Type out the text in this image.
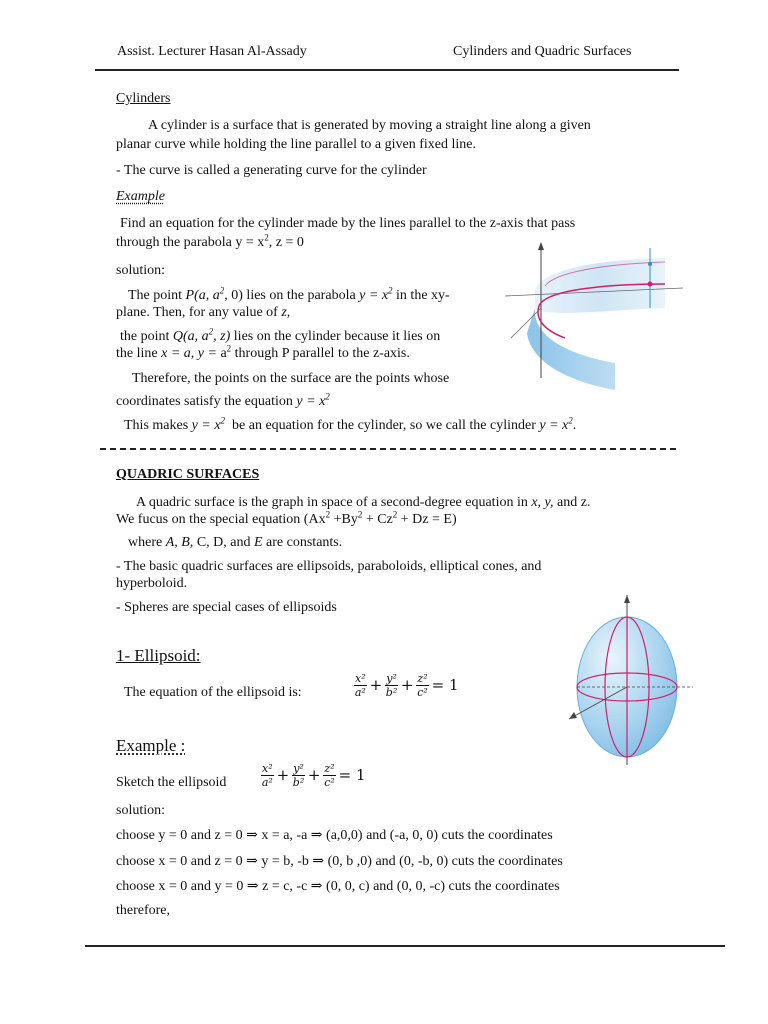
Assist. Lecturer Hasan Al-Assady	Cylinders and Quadric Surfaces
Cylinders
A cylinder is a surface that is generated by moving a straight line along a given
planar curve while holding the line parallel to a given fixed line.
- The curve is called a generating curve for the cylinder
Example
Find an equation for the cylinder made by the lines parallel to the z-axis that pass
through the parabola $y = x^2$, z = 0
solution:
The point P(a, $a^2$, 0) lies on the parabola $y = x^2$ in the xy-
plane. Then, for any value of z,
the point Q(a, $a^2$, z) lies on the cylinder because it lies on
the line x = a, $y = a^2$ through P parallel to the z-axis.
Therefore, the points on the surface are the points whose
coordinates satisfy the equation $y = x^2$
This makes $y = x^2$ be an equation for the cylinder, so we call the cylinder $y = x^2$.
QUADRIC SURFACES
A quadric surface is the graph in space of a second-degree equation in x, y, and z.
We fucus on the special equation $(Ax^2 +By^2 + Cz^2 + Dz = E)$
where A, B, C, D, and E are constants.
- The basic quadric surfaces are ellipsoids, paraboloids, elliptical cones, and
hyperboloid.
- Spheres are special cases of ellipsoids
1- Ellipsoid:
The equation of the ellipsoid is:	$\frac{\text{x²}}{\text{a²}} + \frac{\text{y²}}{\text{b²}} + \frac{\text{z²}}{\text{c²}} = 1$
Example :
Sketch the ellipsoid	$\frac{\text{x²}}{\text{a²}} + \frac{\text{y²}}{\text{b²}} + \frac{\text{z²}}{\text{c²}} = 1$
solution:
choose y = 0 and z = 0 ⇒ x = a, -a ⇒ (a,0,0) and (-a, 0, 0) cuts the coordinates
choose x = 0 and z = 0 ⇒ y = b, -b ⇒ (0, b ,0) and (0, -b, 0) cuts the coordinates
choose x = 0 and y = 0 ⇒ z = c, -c ⇒ (0, 0, c) and (0, 0, -c) cuts the coordinates
therefore,
